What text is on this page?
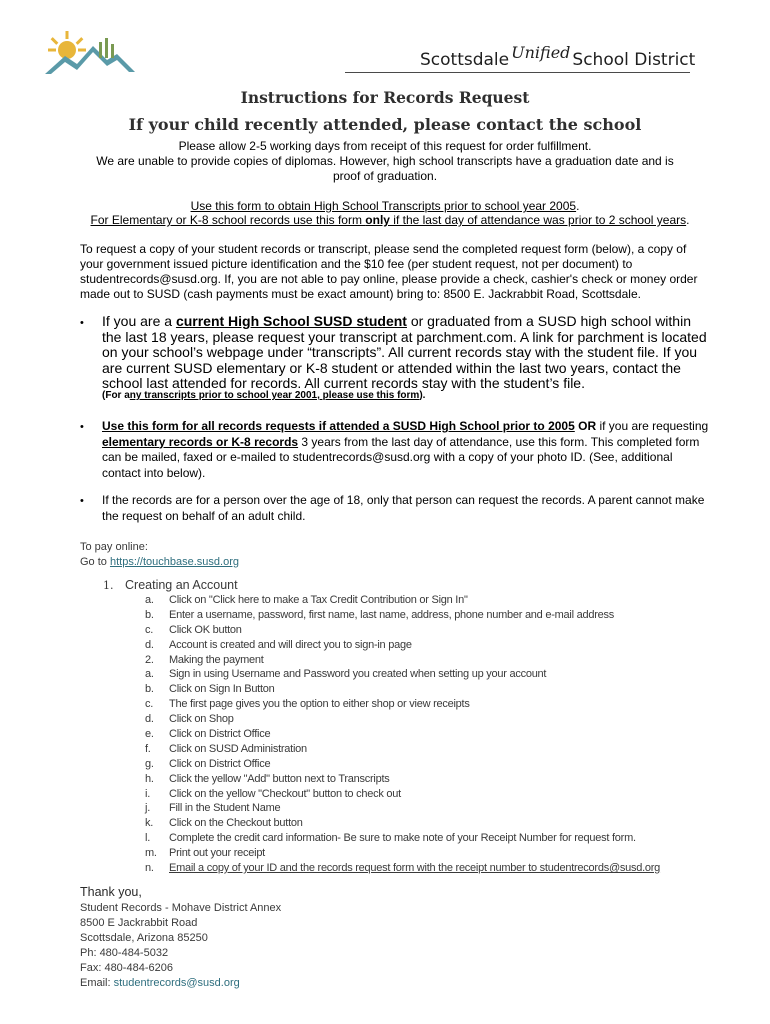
Scottsdale Unified School District
Instructions for Records Request
If your child recently attended, please contact the school
Please allow 2-5 working days from receipt of this request for order fulfillment.
We are unable to provide copies of diplomas. However, high school transcripts have a graduation date and is
proof of graduation.
Use this form to obtain High School Transcripts prior to school year 2005.
For Elementary or K-8 school records use this form only if the last day of attendance was prior to 2 school years.
To request a copy of your student records or transcript, please send the completed request form (below), a copy of your government issued picture identification and the $10 fee (per student request, not per document) to studentrecords@susd.org. If, you are not able to pay online, please provide a check, cashier's check or money order made out to SUSD (cash payments must be exact amount) bring to: 8500 E. Jackrabbit Road, Scottsdale.
• If you are a current High School SUSD student or graduated from a SUSD high school within the last 18 years, please request your transcript at parchment.com. A link for parchment is located on your school’s webpage under “transcripts”. All current records stay with the student file. If you are current SUSD elementary or K-8 student or attended within the last two years, contact the school last attended for records. All current records stay with the student’s file.
(For any transcripts prior to school year 2001, please use this form).
• Use this form for all records requests if attended a SUSD High School prior to 2005 OR if you are requesting elementary records or K-8 records 3 years from the last day of attendance, use this form. This completed form can be mailed, faxed or e-mailed to studentrecords@susd.org with a copy of your photo ID. (See, additional contact into below).
• If the records are for a person over the age of 18, only that person can request the records. A parent cannot make the request on behalf of an adult child.
To pay online:
Go to https://touchbase.susd.org
1. Creating an Account
a.	Click on "Click here to make a Tax Credit Contribution or Sign In"
b.	Enter a username, password, first name, last name, address, phone number and e-mail address
c.	Click OK button
d.	Account is created and will direct you to sign-in page
2.	Making the payment
a.	Sign in using Username and Password you created when setting up your account
b.	Click on Sign In Button
c.	The first page gives you the option to either shop or view receipts
d.	Click on Shop
e.	Click on District Office
f.	Click on SUSD Administration
g.	Click on District Office
h.	Click the yellow "Add" button next to Transcripts
i.	Click on the yellow "Checkout" button to check out
j.	Fill in the Student Name
k.	Click on the Checkout button
l.	Complete the credit card information- Be sure to make note of your Receipt Number for request form.
m.	Print out your receipt
n.	Email a copy of your ID and the records request form with the receipt number to studentrecords@susd.org
Thank you,
Student Records - Mohave District Annex
8500 E Jackrabbit Road
Scottsdale, Arizona 85250
Ph: 480-484-5032
Fax: 480-484-6206
Email: studentrecords@susd.org
